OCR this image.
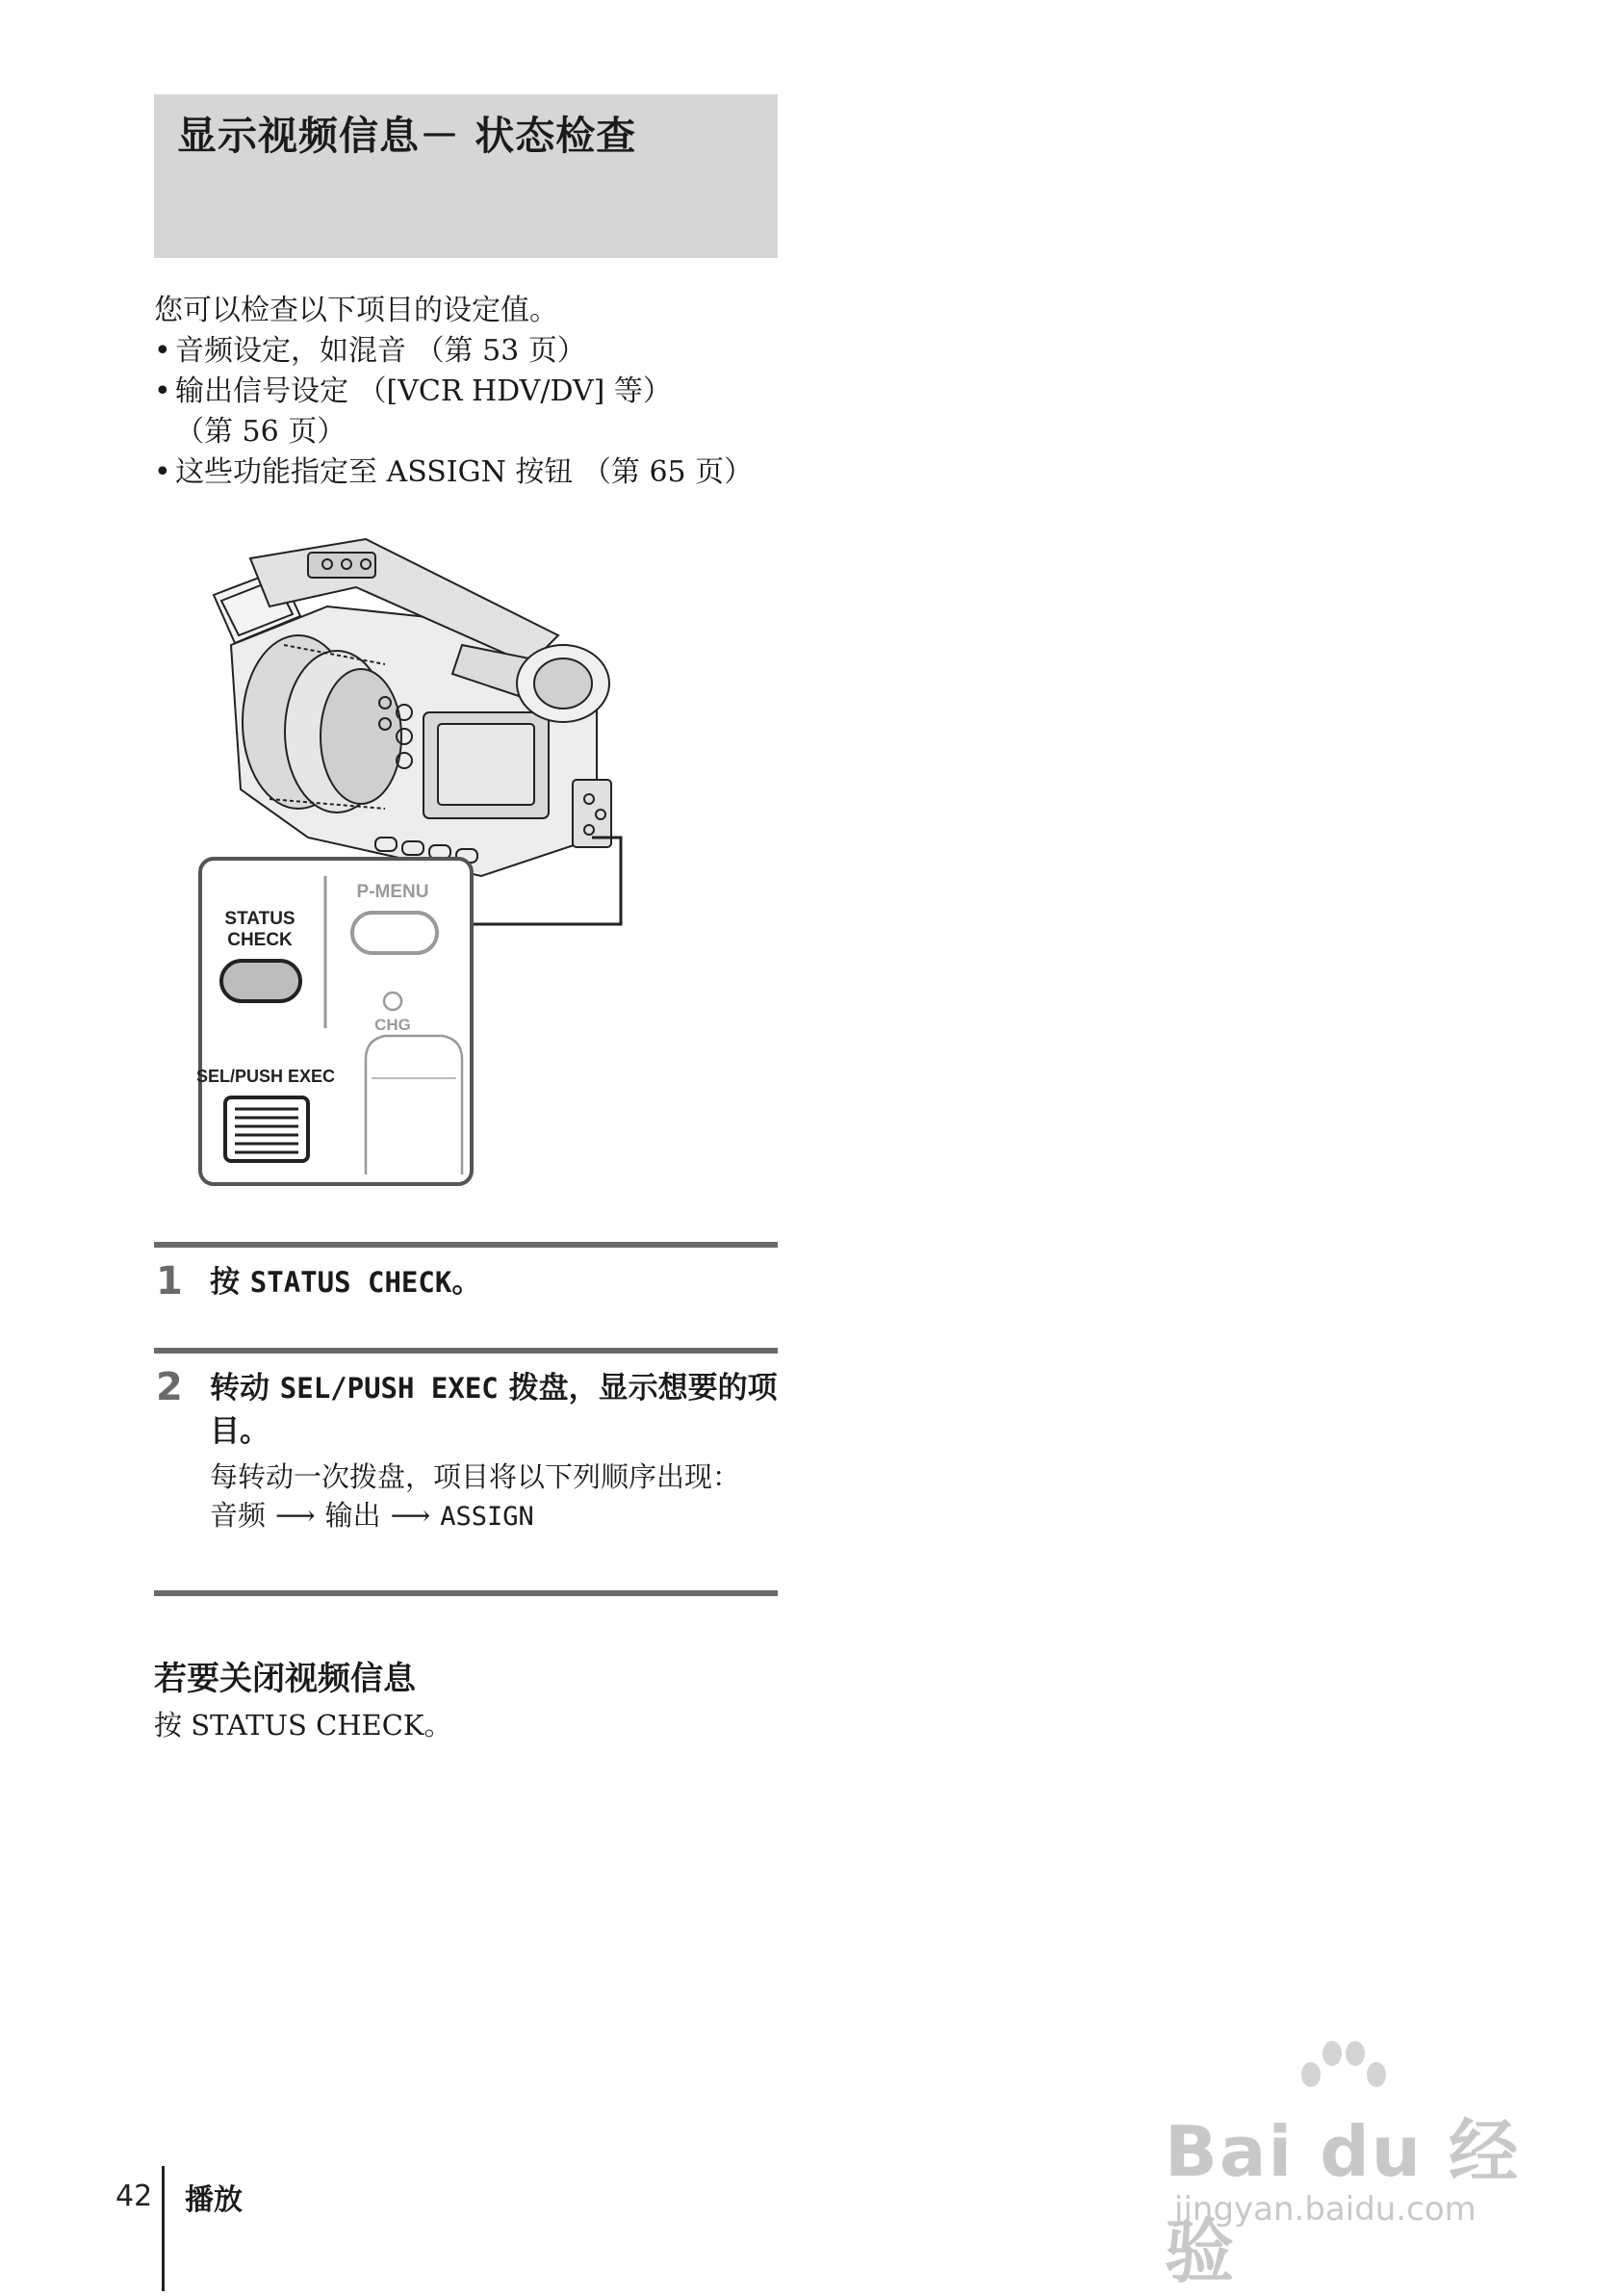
显示视频信息－ 状态检查

您可以检查以下项目的设定值。

• 音频设定，如混音 （第 53 页）
• 输出信号设定 （[VCR HDV/DV] 等）
（第 56 页）
• 这些功能指定至 ASSIGN 按钮 （第 65 页）
STATUS
CHECK
P-MENU
CHG
SEL/PUSH EXEC
1 按 STATUS CHECK。
2 转动 SEL/PUSH EXEC 拨盘，显示想要的项目。

每转动一次拨盘，项目将以下列顺序出现：

音频 ⟶ 输出 ⟶ ASSIGN

若要关闭视频信息
按 STATUS CHECK。
42 播放
Bai du 经验
jingyan.baidu.com
